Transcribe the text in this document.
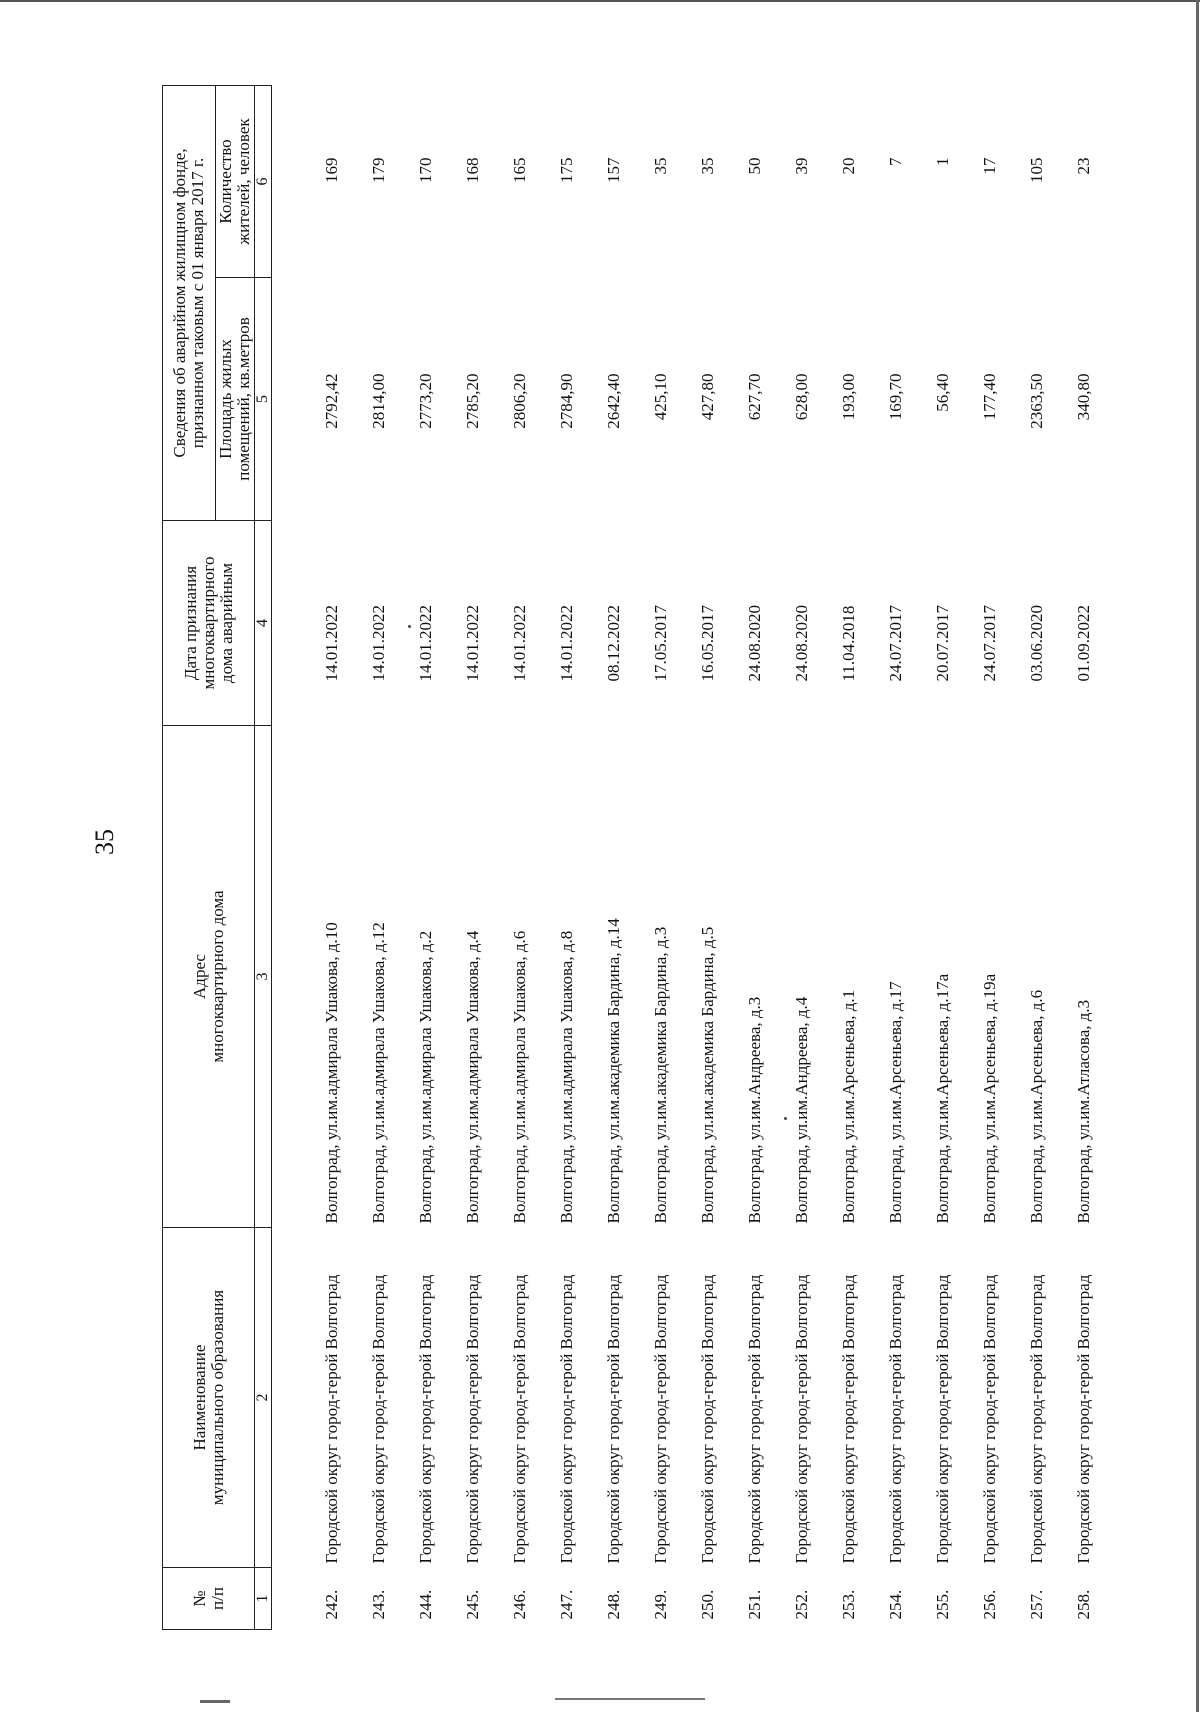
35
№
п/п	Наименование
муниципального образования	Адрес
многоквартирного дома	Дата признания
многоквартирного
дома аварийным	Сведения об аварийном жилищном фонде,
признанном таковым с 01 января 2017 г.	
				Площадь жилых
помещений, кв.метров	Количество
жителей, человек
1	2	3	4	5	6
242.	Городской округ город-герой Волгоград	Волгоград, ул.им.адмирала Ушакова, д.10	14.01.2022	2792,42	169
243.	Городской округ город-герой Волгоград	Волгоград, ул.им.адмирала Ушакова, д.12	14.01.2022	2814,00	179
244.	Городской округ город-герой Волгоград	Волгоград, ул.им.адмирала Ушакова, д.2	14.01.2022	2773,20	170
245.	Городской округ город-герой Волгоград	Волгоград, ул.им.адмирала Ушакова, д.4	14.01.2022	2785,20	168
246.	Городской округ город-герой Волгоград	Волгоград, ул.им.адмирала Ушакова, д.6	14.01.2022	2806,20	165
247.	Городской округ город-герой Волгоград	Волгоград, ул.им.адмирала Ушакова, д.8	14.01.2022	2784,90	175
248.	Городской округ город-герой Волгоград	Волгоград, ул.им.академика Бардина, д.14	08.12.2022	2642,40	157
249.	Городской округ город-герой Волгоград	Волгоград, ул.им.академика Бардина, д.3	17.05.2017	425,10	35
250.	Городской округ город-герой Волгоград	Волгоград, ул.им.академика Бардина, д.5	16.05.2017	427,80	35
251.	Городской округ город-герой Волгоград	Волгоград, ул.им.Андреева, д.3	24.08.2020	627,70	50
252.	Городской округ город-герой Волгоград	Волгоград, ул.им.Андреева, д.4	24.08.2020	628,00	39
253.	Городской округ город-герой Волгоград	Волгоград, ул.им.Арсеньева, д.1	11.04.2018	193,00	20
254.	Городской округ город-герой Волгоград	Волгоград, ул.им.Арсеньева, д.17	24.07.2017	169,70	7
255.	Городской округ город-герой Волгоград	Волгоград, ул.им.Арсеньева, д.17а	20.07.2017	56,40	1
256.	Городской округ город-герой Волгоград	Волгоград, ул.им.Арсеньева, д.19а	24.07.2017	177,40	17
257.	Городской округ город-герой Волгоград	Волгоград, ул.им.Арсеньева, д.6	03.06.2020	2363,50	105
258.	Городской округ город-герой Волгоград	Волгоград, ул.им.Атласова, д.3	01.09.2022	340,80	23
